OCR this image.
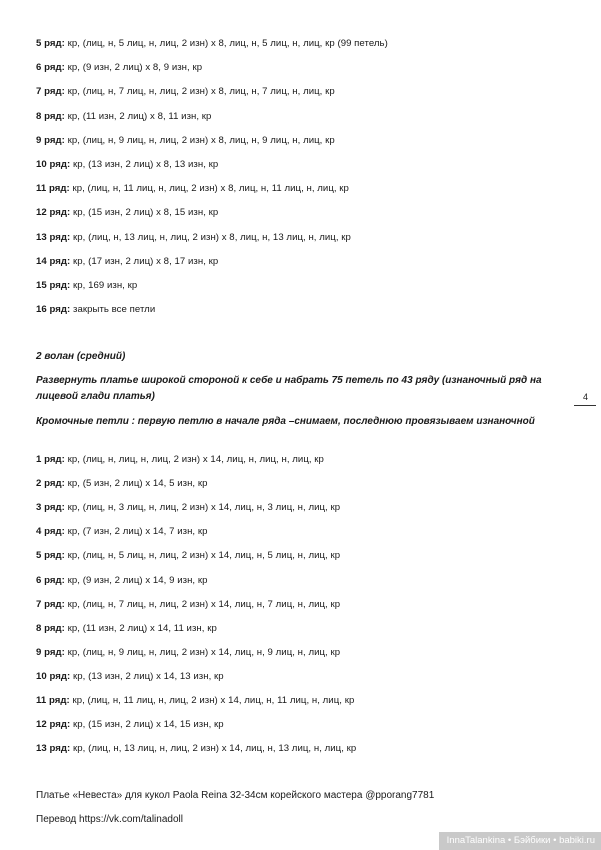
5 ряд: кр, (лиц, н, 5 лиц, н, лиц, 2 изн) х 8, лиц, н, 5 лиц, н, лиц, кр (99 петель)
6 ряд: кр, (9 изн, 2 лиц) х 8, 9 изн, кр
7 ряд: кр, (лиц, н, 7 лиц, н, лиц, 2 изн) х 8, лиц, н, 7 лиц, н, лиц, кр
8 ряд: кр, (11 изн, 2 лиц) х 8, 11 изн, кр
9 ряд: кр, (лиц, н, 9 лиц, н, лиц, 2 изн) х 8, лиц, н, 9 лиц, н, лиц, кр
10 ряд: кр, (13 изн, 2 лиц) х 8, 13 изн, кр
11 ряд: кр, (лиц, н, 11 лиц, н, лиц, 2 изн) х 8, лиц, н, 11 лиц, н, лиц, кр
12 ряд: кр, (15 изн, 2 лиц) х 8, 15 изн, кр
13 ряд: кр, (лиц, н, 13 лиц, н, лиц, 2 изн) х 8, лиц, н, 13 лиц, н, лиц, кр
14 ряд: кр, (17 изн, 2 лиц) х 8, 17 изн, кр
15 ряд: кр, 169 изн, кр
16 ряд: закрыть все петли
2 волан (средний)
Развернуть платье широкой стороной к себе и набрать 75 петель по 43 ряду (изнаночный ряд на лицевой глади платья)
Кромочные петли : первую петлю в начале ряда –снимаем, последнюю провязываем изнаночной
1 ряд: кр, (лиц, н, лиц, н, лиц, 2 изн) х 14, лиц, н, лиц, н, лиц, кр
2 ряд: кр, (5 изн, 2 лиц) х 14, 5 изн, кр
3 ряд: кр, (лиц, н, 3 лиц, н, лиц, 2 изн) х 14, лиц, н, 3 лиц, н, лиц, кр
4 ряд: кр, (7 изн, 2 лиц) х 14, 7 изн, кр
5 ряд: кр, (лиц, н, 5 лиц, н, лиц, 2 изн) х 14, лиц, н, 5 лиц, н, лиц, кр
6 ряд: кр, (9 изн, 2 лиц) х 14, 9 изн, кр
7 ряд: кр, (лиц, н, 7 лиц, н, лиц, 2 изн) х 14, лиц, н, 7 лиц, н, лиц, кр
8 ряд: кр, (11 изн, 2 лиц) х 14, 11 изн, кр
9 ряд: кр, (лиц, н, 9 лиц, н, лиц, 2 изн) х 14, лиц, н, 9 лиц, н, лиц, кр
10 ряд: кр, (13 изн, 2 лиц) х 14, 13 изн, кр
11 ряд: кр, (лиц, н, 11 лиц, н, лиц, 2 изн) х 14, лиц, н, 11 лиц, н, лиц, кр
12 ряд: кр, (15 изн, 2 лиц) х 14, 15 изн, кр
13 ряд: кр, (лиц, н, 13 лиц, н, лиц, 2 изн) х 14, лиц, н, 13 лиц, н, лиц, кр
Платье «Невеста» для кукол Paola Reina 32-34см корейского мастера @pporang7781
Перевод https://vk.com/talinadoll
4
InnaTalankina • Бэйбики • babiki.ru
